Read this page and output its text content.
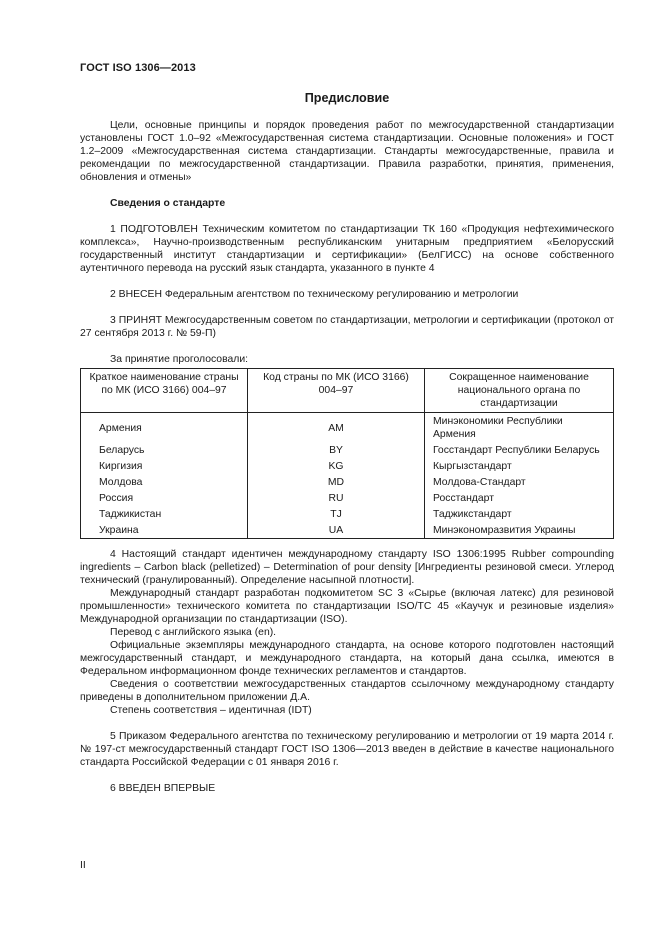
ГОСТ ISO 1306—2013
Предисловие

Цели, основные принципы и порядок проведения работ по межгосударственной стандартизации установлены ГОСТ 1.0–92 «Межгосударственная система стандартизации. Основные положения» и ГОСТ 1.2–2009 «Межгосударственная система стандартизации. Стандарты межгосударственные, правила и рекомендации по межгосударственной стандартизации. Правила разработки, принятия, применения, обновления и отмены»

Сведения о стандарте

1 ПОДГОТОВЛЕН Техническим комитетом по стандартизации ТК 160 «Продукция нефтехимического комплекса», Научно-производственным республиканским унитарным предприятием «Белорусский государственный институт стандартизации и сертификации» (БелГИСС) на основе собственного аутентичного перевода на русский язык стандарта, указанного в пункте 4

2 ВНЕСЕН Федеральным агентством по техническому регулированию и метрологии

3 ПРИНЯТ Межгосударственным советом по стандартизации, метрологии и сертификации (протокол от 27 сентября 2013 г. № 59-П)

За принятие проголосовали:
Краткое наименование страны по МК (ИСО 3166) 004–97	Код страны по МК (ИСО 3166) 004–97	Сокращенное наименование национального органа по стандартизации
Армения	AM	Минэкономики Республики Армения
Беларусь	BY	Госстандарт Республики Беларусь
Киргизия	KG	Кыргызстандарт
Молдова	MD	Молдова-Стандарт
Россия	RU	Росстандарт
Таджикистан	TJ	Таджикстандарт
Украина	UA	Минэкономразвития Украины

4 Настоящий стандарт идентичен международному стандарту ISO 1306:1995 Rubber compounding ingredients – Carbon black (pelletized) – Determination of pour density [Ингредиенты резиновой смеси. Углерод технический (гранулированный). Определение насыпной плотности].

Международный стандарт разработан подкомитетом SC 3 «Сырье (включая латекс) для резиновой промышленности» технического комитета по стандартизации ISO/TC 45 «Каучук и резиновые изделия» Международной организации по стандартизации (ISO).

Перевод с английского языка (en).

Официальные экземпляры международного стандарта, на основе которого подготовлен настоящий межгосударственный стандарт, и международного стандарта, на который дана ссылка, имеются в Федеральном информационном фонде технических регламентов и стандартов.

Сведения о соответствии межгосударственных стандартов ссылочному международному стандарту приведены в дополнительном приложении Д.А.

Степень соответствия – идентичная (IDT)

5 Приказом Федерального агентства по техническому регулированию и метрологии от 19 марта 2014 г. № 197-ст межгосударственный стандарт ГОСТ ISO 1306—2013 введен в действие в качестве национального стандарта Российской Федерации с 01 января 2016 г.

6 ВВЕДЕН ВПЕРВЫЕ

II
